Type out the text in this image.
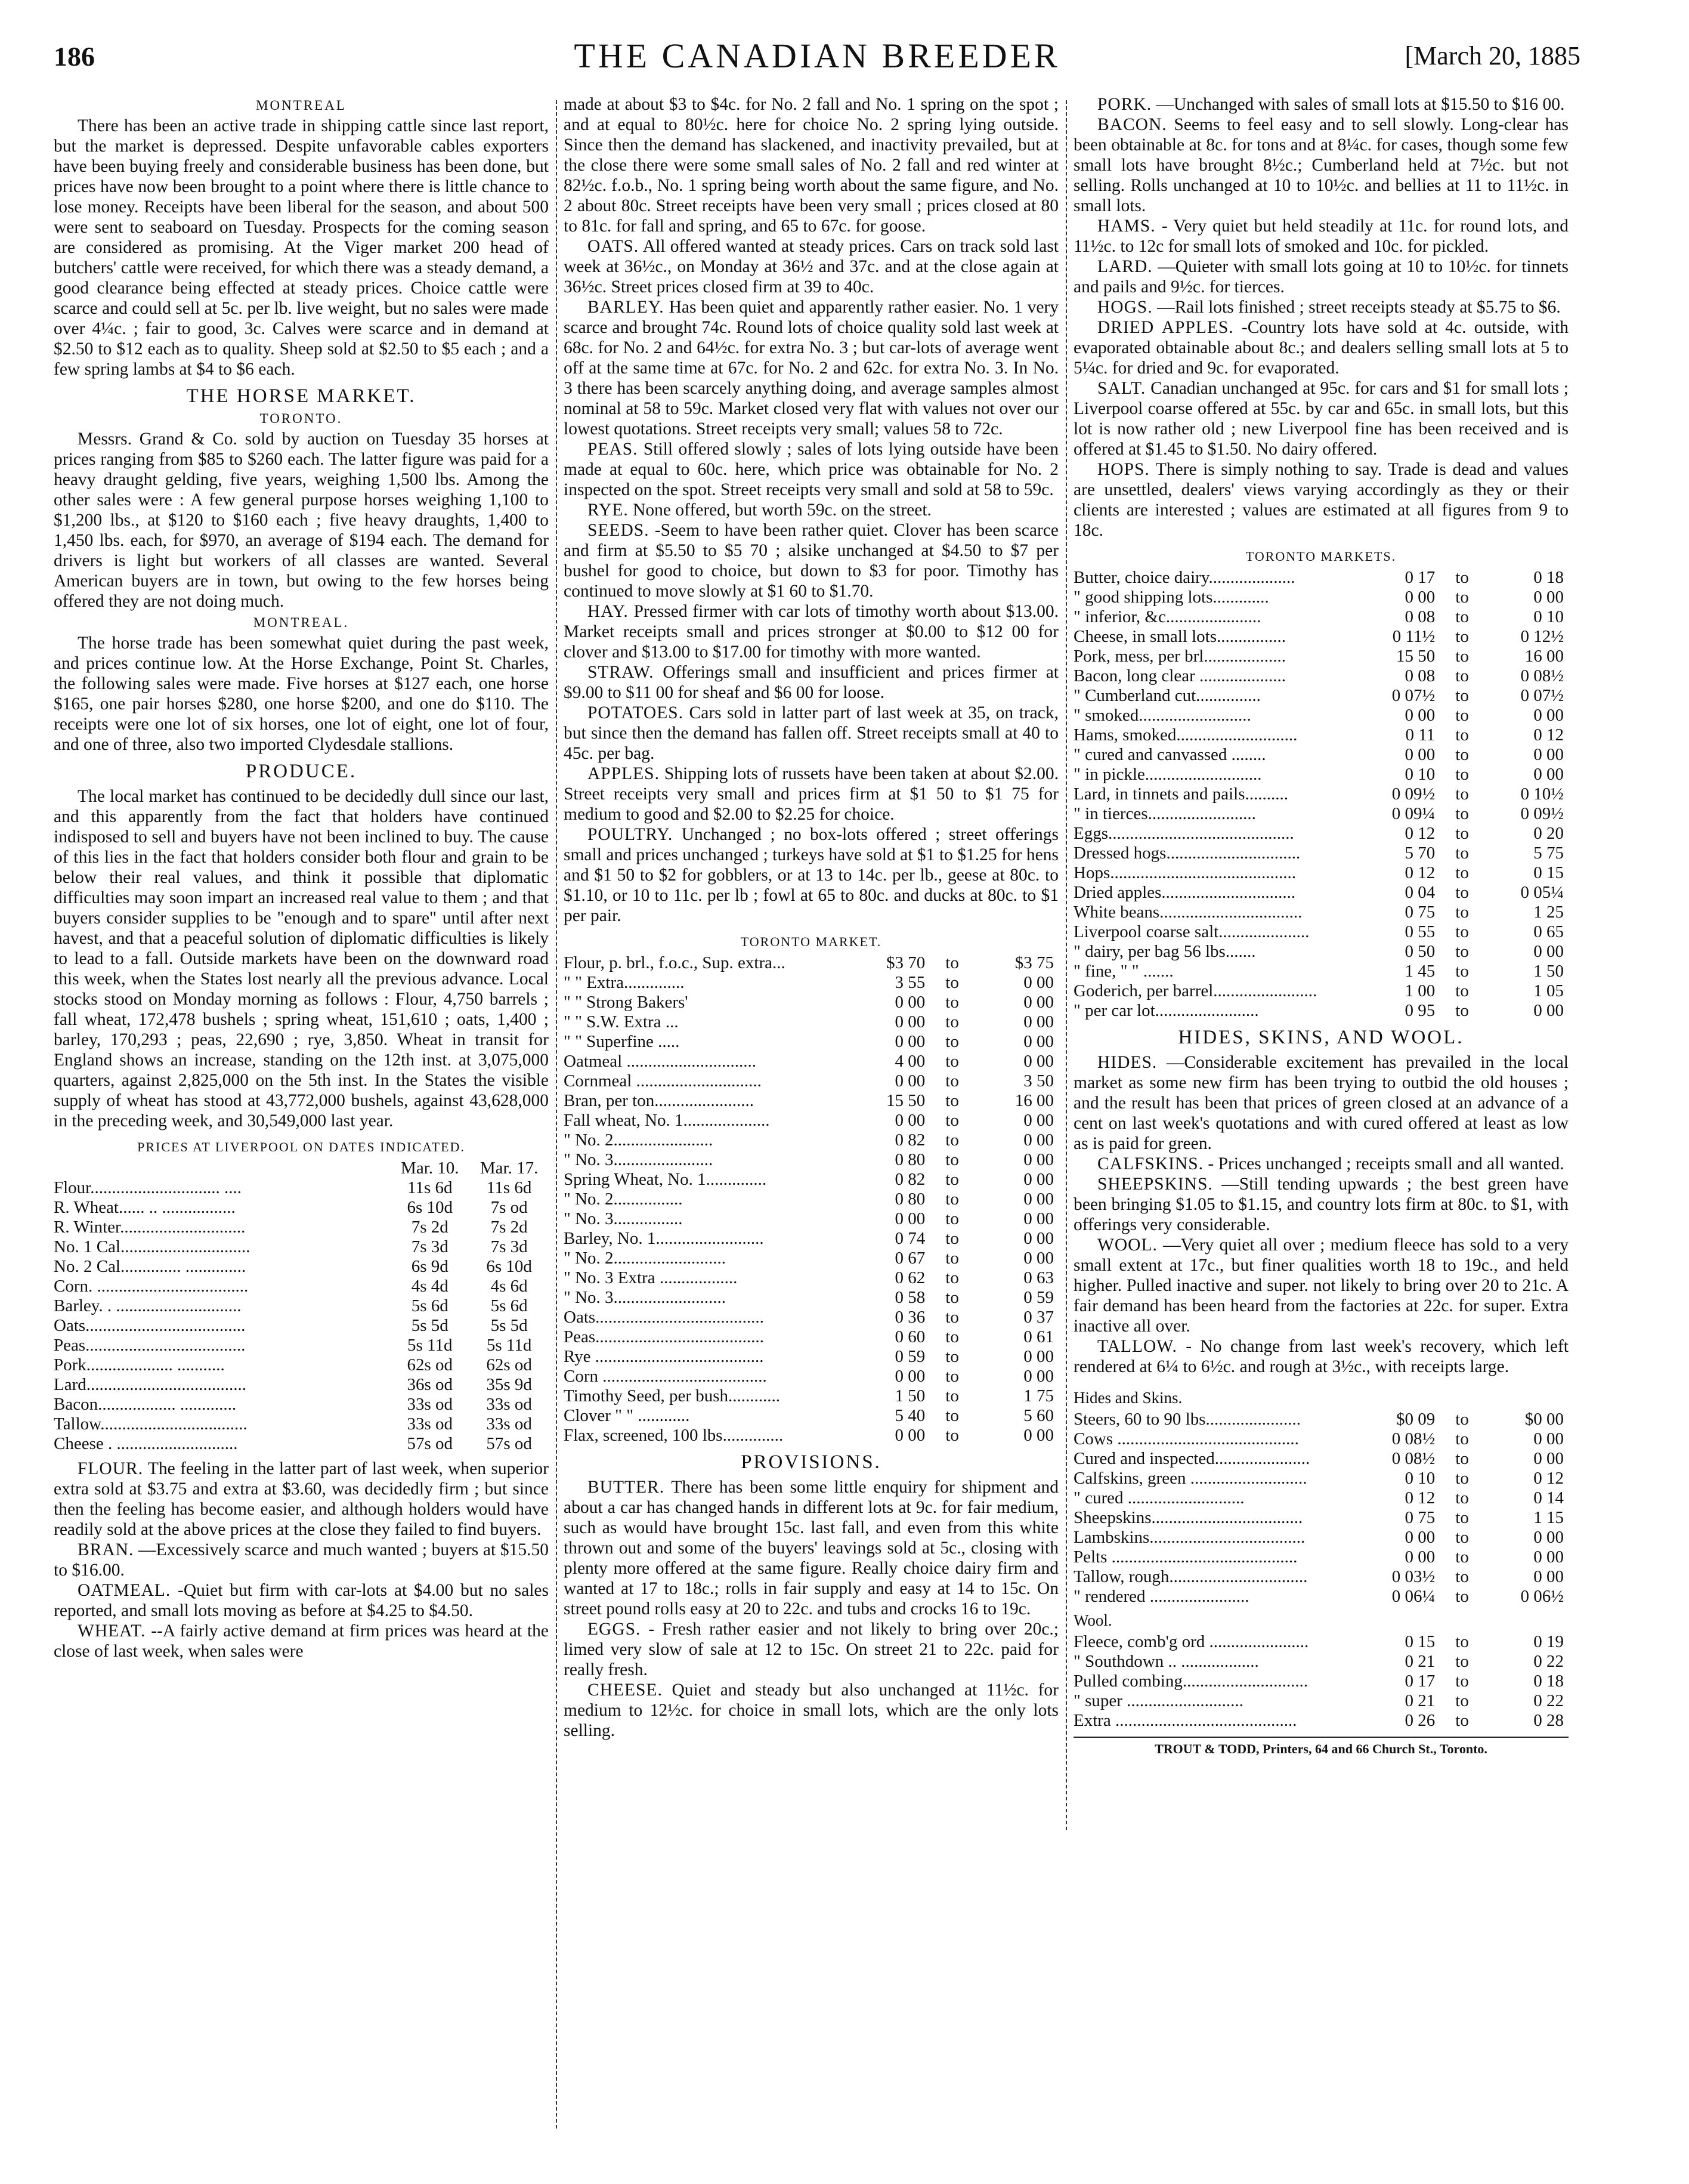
186	THE CANADIAN BREEDER	[March 20, 1885
MONTREAL

There has been an active trade in shipping cattle since last report, but the market is depressed. Despite unfavorable cables exporters have been buying freely and considerable business has been done, but prices have now been brought to a point where there is little chance to lose money. Receipts have been liberal for the season, and about 500 were sent to seaboard on Tuesday. Prospects for the coming season are considered as promising. At the Viger market 200 head of butchers' cattle were received, for which there was a steady demand, a good clearance being effected at steady prices. Choice cattle were scarce and could sell at 5c. per lb. live weight, but no sales were made over 4¼c. ; fair to good, 3c. Calves were scarce and in demand at $2.50 to $12 each as to quality. Sheep sold at $2.50 to $5 each ; and a few spring lambs at $4 to $6 each.

THE HORSE MARKET.
TORONTO.

Messrs. Grand & Co. sold by auction on Tuesday 35 horses at prices ranging from $85 to $260 each. The latter figure was paid for a heavy draught gelding, five years, weighing 1,500 lbs. Among the other sales were : A few general purpose horses weighing 1,100 to $1,200 lbs., at $120 to $160 each ; five heavy draughts, 1,400 to 1,450 lbs. each, for $970, an average of $194 each. The demand for drivers is light but workers of all classes are wanted. Several American buyers are in town, but owing to the few horses being offered they are not doing much.

MONTREAL.

The horse trade has been somewhat quiet during the past week, and prices continue low. At the Horse Exchange, Point St. Charles, the following sales were made. Five horses at $127 each, one horse $165, one pair horses $280, one horse $200, and one do $110. The receipts were one lot of six horses, one lot of eight, one lot of four, and one of three, also two imported Clydesdale stallions.

PRODUCE.

The local market has continued to be decidedly dull since our last, and this apparently from the fact that holders have continued indisposed to sell and buyers have not been inclined to buy. The cause of this lies in the fact that holders consider both flour and grain to be below their real values, and think it possible that diplomatic difficulties may soon impart an increased real value to them ; and that buyers consider supplies to be "enough and to spare" until after next havest, and that a peaceful solution of diplomatic difficulties is likely to lead to a fall. Outside markets have been on the downward road this week, when the States lost nearly all the previous advance. Local stocks stood on Monday morning as follows : Flour, 4,750 barrels ; fall wheat, 172,478 bushels ; spring wheat, 151,610 ; oats, 1,400 ; barley, 170,293 ; peas, 22,690 ; rye, 3,850. Wheat in transit for England shows an increase, standing on the 12th inst. at 3,075,000 quarters, against 2,825,000 on the 5th inst. In the States the visible supply of wheat has stood at 43,772,000 bushels, against 43,628,000 in the preceding week, and 30,549,000 last year.

PRICES AT LIVERPOOL ON DATES INDICATED.
	Mar. 10.	Mar. 17.
Flour.............................. ....	11s 6d	11s 6d
R. Wheat...... .. .................	6s 10d	7s od
R. Winter.............................	7s 2d	7s 2d
No. 1 Cal..............................	7s 3d	7s 3d
No. 2 Cal.............. ..............	6s 9d	6s 10d
Corn. ...................................	4s 4d	4s 6d
Barley. . .............................	5s 6d	5s 6d
Oats.....................................	5s 5d	5s 5d
Peas.....................................	5s 11d	5s 11d
Pork.................... ...........	62s od	62s od
Lard.....................................	36s od	35s 9d
Bacon.................. .............	33s od	33s od
Tallow..................................	33s od	33s od
Cheese . ............................	57s od	57s od

FLOUR. The feeling in the latter part of last week, when superior extra sold at $3.75 and extra at $3.60, was decidedly firm ; but since then the feeling has become easier, and although holders would have readily sold at the above prices at the close they failed to find buyers.

BRAN. —Excessively scarce and much wanted ; buyers at $15.50 to $16.00.

OATMEAL. -Quiet but firm with car-lots at $4.00 but no sales reported, and small lots moving as before at $4.25 to $4.50.

WHEAT. --A fairly active demand at firm prices was heard at the close of last week, when sales were

made at about $3 to $4c. for No. 2 fall and No. 1 spring on the spot ; and at equal to 80½c. here for choice No. 2 spring lying outside. Since then the demand has slackened, and inactivity prevailed, but at the close there were some small sales of No. 2 fall and red winter at 82½c. f.o.b., No. 1 spring being worth about the same figure, and No. 2 about 80c. Street receipts have been very small ; prices closed at 80 to 81c. for fall and spring, and 65 to 67c. for goose.

OATS. All offered wanted at steady prices. Cars on track sold last week at 36½c., on Monday at 36½ and 37c. and at the close again at 36½c. Street prices closed firm at 39 to 40c.

BARLEY. Has been quiet and apparently rather easier. No. 1 very scarce and brought 74c. Round lots of choice quality sold last week at 68c. for No. 2 and 64½c. for extra No. 3 ; but car-lots of average went off at the same time at 67c. for No. 2 and 62c. for extra No. 3. In No. 3 there has been scarcely anything doing, and average samples almost nominal at 58 to 59c. Market closed very flat with values not over our lowest quotations. Street receipts very small; values 58 to 72c.

PEAS. Still offered slowly ; sales of lots lying outside have been made at equal to 60c. here, which price was obtainable for No. 2 inspected on the spot. Street receipts very small and sold at 58 to 59c.

RYE. None offered, but worth 59c. on the street.

SEEDS. -Seem to have been rather quiet. Clover has been scarce and firm at $5.50 to $5 70 ; alsike unchanged at $4.50 to $7 per bushel for good to choice, but down to $3 for poor. Timothy has continued to move slowly at $1 60 to $1.70.

HAY. Pressed firmer with car lots of timothy worth about $13.00. Market receipts small and prices stronger at $0.00 to $12 00 for clover and $13.00 to $17.00 for timothy with more wanted.

STRAW. Offerings small and insufficient and prices firmer at $9.00 to $11 00 for sheaf and $6 00 for loose.

POTATOES. Cars sold in latter part of last week at 35, on track, but since then the demand has fallen off. Street receipts small at 40 to 45c. per bag.

APPLES. Shipping lots of russets have been taken at about $2.00. Street receipts very small and prices firm at $1 50 to $1 75 for medium to good and $2.00 to $2.25 for choice.

POULTRY. Unchanged ; no box-lots offered ; street offerings small and prices unchanged ; turkeys have sold at $1 to $1.25 for hens and $1 50 to $2 for gobblers, or at 13 to 14c. per lb., geese at 80c. to $1.10, or 10 to 11c. per lb ; fowl at 65 to 80c. and ducks at 80c. to $1 per pair.

TORONTO MARKET.
Flour, p. brl., f.o.c., Sup. extra...	$3 70	to	$3 75
" " Extra..............	3 55	to	0 00
" " Strong Bakers'	0 00	to	0 00
" " S.W. Extra ...	0 00	to	0 00
" " Superfine .....	0 00	to	0 00
Oatmeal ..............................	4 00	to	0 00
Cornmeal .............................	0 00	to	3 50
Bran, per ton.......................	15 50	to	16 00
Fall wheat, No. 1....................	0 00	to	0 00
" No. 2.......................	0 82	to	0 00
" No. 3.......................	0 80	to	0 00
Spring Wheat, No. 1..............	0 82	to	0 00
" No. 2................	0 80	to	0 00
" No. 3................	0 00	to	0 00
Barley, No. 1.........................	0 74	to	0 00
" No. 2..........................	0 67	to	0 00
" No. 3 Extra ..................	0 62	to	0 63
" No. 3..........................	0 58	to	0 59
Oats.......................................	0 36	to	0 37
Peas.......................................	0 60	to	0 61
Rye .......................................	0 59	to	0 00
Corn ......................................	0 00	to	0 00
Timothy Seed, per bush............	1 50	to	1 75
Clover " " ............	5 40	to	5 60
Flax, screened, 100 lbs..............	0 00	to	0 00
PROVISIONS.

BUTTER. There has been some little enquiry for shipment and about a car has changed hands in different lots at 9c. for fair medium, such as would have brought 15c. last fall, and even from this white thrown out and some of the buyers' leavings sold at 5c., closing with plenty more offered at the same figure. Really choice dairy firm and wanted at 17 to 18c.; rolls in fair supply and easy at 14 to 15c. On street pound rolls easy at 20 to 22c. and tubs and crocks 16 to 19c.

EGGS. - Fresh rather easier and not likely to bring over 20c.; limed very slow of sale at 12 to 15c. On street 21 to 22c. paid for really fresh.

CHEESE. Quiet and steady but also unchanged at 11½c. for medium to 12½c. for choice in small lots, which are the only lots selling.

PORK. —Unchanged with sales of small lots at $15.50 to $16 00.

BACON. Seems to feel easy and to sell slowly. Long-clear has been obtainable at 8c. for tons and at 8¼c. for cases, though some few small lots have brought 8½c.; Cumberland held at 7½c. but not selling. Rolls unchanged at 10 to 10½c. and bellies at 11 to 11½c. in small lots.

HAMS. - Very quiet but held steadily at 11c. for round lots, and 11½c. to 12c for small lots of smoked and 10c. for pickled.

LARD. —Quieter with small lots going at 10 to 10½c. for tinnets and pails and 9½c. for tierces.

HOGS. —Rail lots finished ; street receipts steady at $5.75 to $6.

DRIED APPLES. -Country lots have sold at 4c. outside, with evaporated obtainable about 8c.; and dealers selling small lots at 5 to 5¼c. for dried and 9c. for evaporated.

SALT. Canadian unchanged at 95c. for cars and $1 for small lots ; Liverpool coarse offered at 55c. by car and 65c. in small lots, but this lot is now rather old ; new Liverpool fine has been received and is offered at $1.45 to $1.50. No dairy offered.

HOPS. There is simply nothing to say. Trade is dead and values are unsettled, dealers' views varying accordingly as they or their clients are interested ; values are estimated at all figures from 9 to 18c.

TORONTO MARKETS.
Butter, choice dairy....................	0 17	to	0 18
" good shipping lots.............	0 00	to	0 00
" inferior, &c......................	0 08	to	0 10
Cheese, in small lots................	0 11½	to	0 12½
Pork, mess, per brl...................	15 50	to	16 00
Bacon, long clear ....................	0 08	to	0 08½
" Cumberland cut...............	0 07½	to	0 07½
" smoked..........................	0 00	to	0 00
Hams, smoked............................	0 11	to	0 12
" cured and canvassed ........	0 00	to	0 00
" in pickle...........................	0 10	to	0 00
Lard, in tinnets and pails..........	0 09½	to	0 10½
" in tierces.........................	0 09¼	to	0 09½
Eggs...........................................	0 12	to	0 20
Dressed hogs...............................	5 70	to	5 75
Hops...........................................	0 12	to	0 15
Dried apples...............................	0 04	to	0 05¼
White beans.................................	0 75	to	1 25
Liverpool coarse salt.....................	0 55	to	0 65
" dairy, per bag 56 lbs.......	0 50	to	0 00
" fine, " " .......	1 45	to	1 50
Goderich, per barrel........................	1 00	to	1 05
" per car lot........................	0 95	to	0 00
HIDES, SKINS, AND WOOL.

HIDES. —Considerable excitement has prevailed in the local market as some new firm has been trying to outbid the old houses ; and the result has been that prices of green closed at an advance of a cent on last week's quotations and with cured offered at least as low as is paid for green.

CALFSKINS. - Prices unchanged ; receipts small and all wanted.

SHEEPSKINS. —Still tending upwards ; the best green have been bringing $1.05 to $1.15, and country lots firm at 80c. to $1, with offerings very considerable.

WOOL. —Very quiet all over ; medium fleece has sold to a very small extent at 17c., but finer qualities worth 18 to 19c., and held higher. Pulled inactive and super. not likely to bring over 20 to 21c. A fair demand has been heard from the factories at 22c. for super. Extra inactive all over.

TALLOW. - No change from last week's recovery, which left rendered at 6¼ to 6½c. and rough at 3½c., with receipts large.

Hides and Skins.
Steers, 60 to 90 lbs......................	$0 09	to	$0 00
Cows ..........................................	0 08½	to	0 00
Cured and inspected......................	0 08½	to	0 00
Calfskins, green ...........................	0 10	to	0 12
" cured ...........................	0 12	to	0 14
Sheepskins...................................	0 75	to	1 15
Lambskins....................................	0 00	to	0 00
Pelts ...........................................	0 00	to	0 00
Tallow, rough................................	0 03½	to	0 00
" rendered .......................	0 06¼	to	0 06½
Wool.
Fleece, comb'g ord .......................	0 15	to	0 19
" Southdown .. ..................	0 21	to	0 22
Pulled combing.............................	0 17	to	0 18
" super ...........................	0 21	to	0 22
Extra ..........................................	0 26	to	0 28
TROUT & TODD, Printers, 64 and 66 Church St., Toronto.
